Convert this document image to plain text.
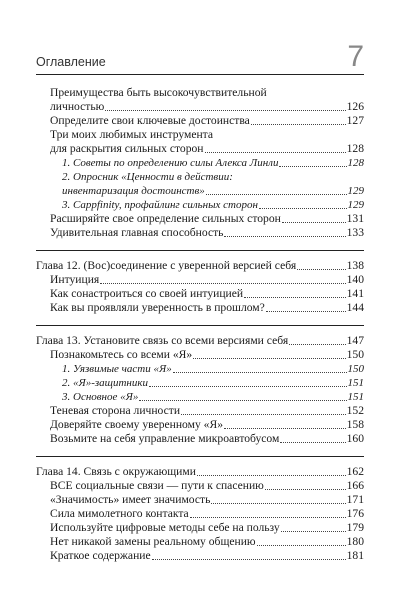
Оглавление	7
Преимущества быть высокочувствительной
личностью	126
Определите свои ключевые достоинства	127
Три моих любимых инструмента
для раскрытия сильных сторон	128
1. Советы по определению силы Алекса Линли	128
2. Опросник «Ценности в действии:
инвентаризация достоинств»	129
3. Cappfinity, профайлинг сильных сторон	129
Расширяйте свое определение сильных сторон	131
Удивительная главная способность	133
Глава 12. (Вос)соединение с уверенной версией себя	138
Интуиция	140
Как сонастроиться со своей интуицией	141
Как вы проявляли уверенность в прошлом?	144
Глава 13. Установите связь со всеми версиями себя	147
Познакомьтесь со всеми «Я»	150
1. Уязвимые части «Я»	150
2. «Я»-защитники	151
3. Основное «Я»	151
Теневая сторона личности	152
Доверяйте своему уверенному «Я»	158
Возьмите на себя управление микроавтобусом	160
Глава 14. Связь с окружающими	162
ВСЕ социальные связи — пути к спасению	166
«Значимость» имеет значимость	171
Сила мимолетного контакта	176
Используйте цифровые методы себе на пользу	179
Нет никакой замены реальному общению	180
Краткое содержание	181
